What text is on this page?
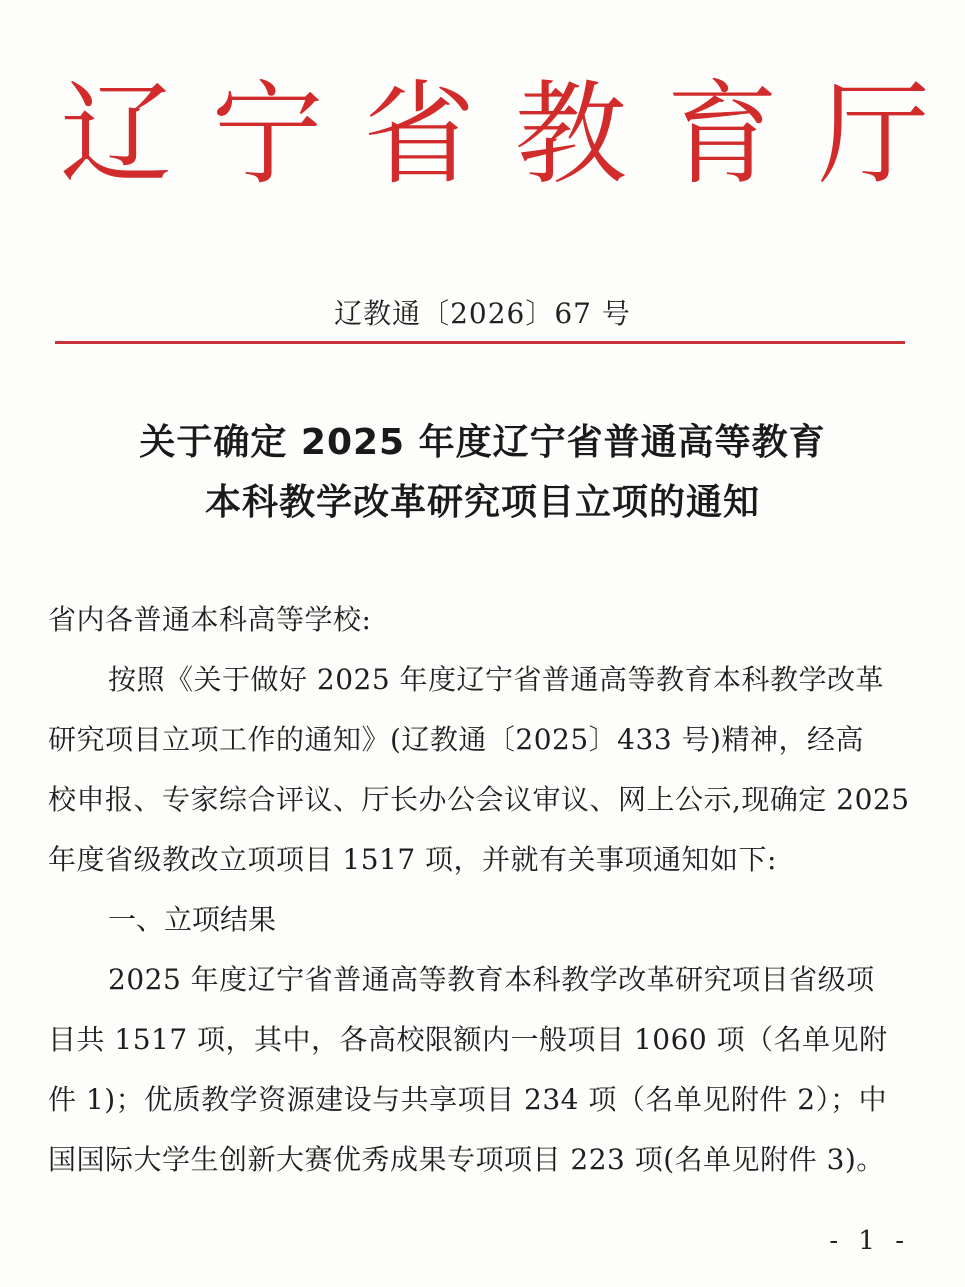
辽 宁 省 教 育 厅
辽教通〔2026〕67 号
关于确定 2025 年度辽宁省普通高等教育
本科教学改革研究项目立项的通知
省内各普通本科高等学校:
按照《关于做好 2025 年度辽宁省普通高等教育本科教学改革
研究项目立项工作的通知》(辽教通〔2025〕433 号)精神，经高
校申报、专家综合评议、厅长办公会议审议、网上公示,现确定 2025
年度省级教改立项项目 1517 项，并就有关事项通知如下:
一、立项结果
2025 年度辽宁省普通高等教育本科教学改革研究项目省级项
目共 1517 项，其中，各高校限额内一般项目 1060 项（名单见附
件 1)；优质教学资源建设与共享项目 234 项（名单见附件 2）；中
国国际大学生创新大赛优秀成果专项项目 223 项(名单见附件 3)。
- 1 -
